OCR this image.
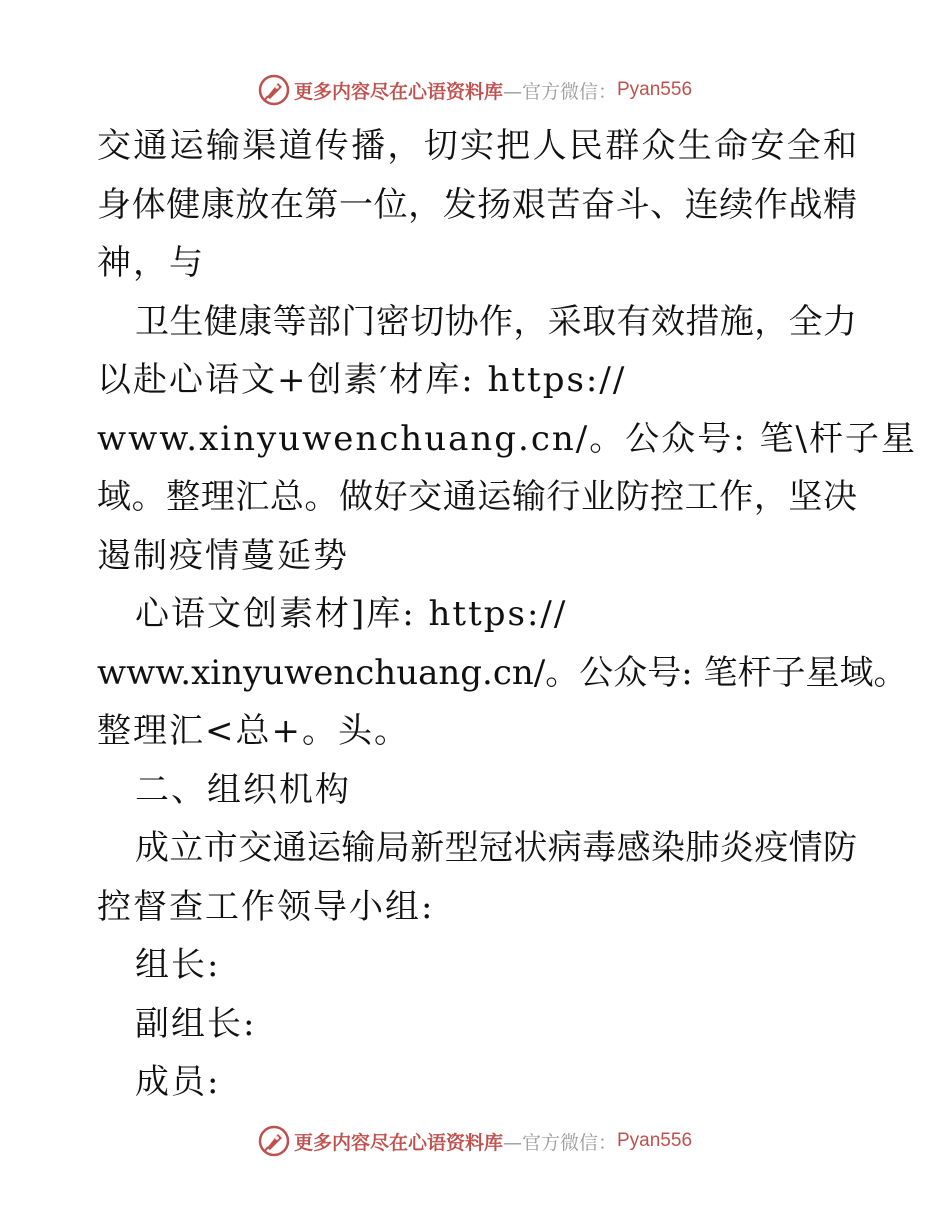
更多内容尽在心语资料库 —官方微信： Pyan556
交通运输渠道传播，切实把人民群众生命安全和
身体健康放在第一位，发扬艰苦奋斗、连续作战精
神，与
卫生健康等部门密切协作，采取有效措施，全力
以赴心语文+创素′材库: https://
www.xinyuwenchuang.cn/。公众号: 笔\杆子星
域。整理汇总。做好交通运输行业防控工作，坚决
遏制疫情蔓延势
心语文创素材]库: https://
www.xinyuwenchuang.cn/。公众号: 笔杆子星域。
整理汇<总+。头。
二、组织机构
成立市交通运输局新型冠状病毒感染肺炎疫情防
控督查工作领导小组:
组长:
副组长:
成员:
更多内容尽在心语资料库 —官方微信： Pyan556
